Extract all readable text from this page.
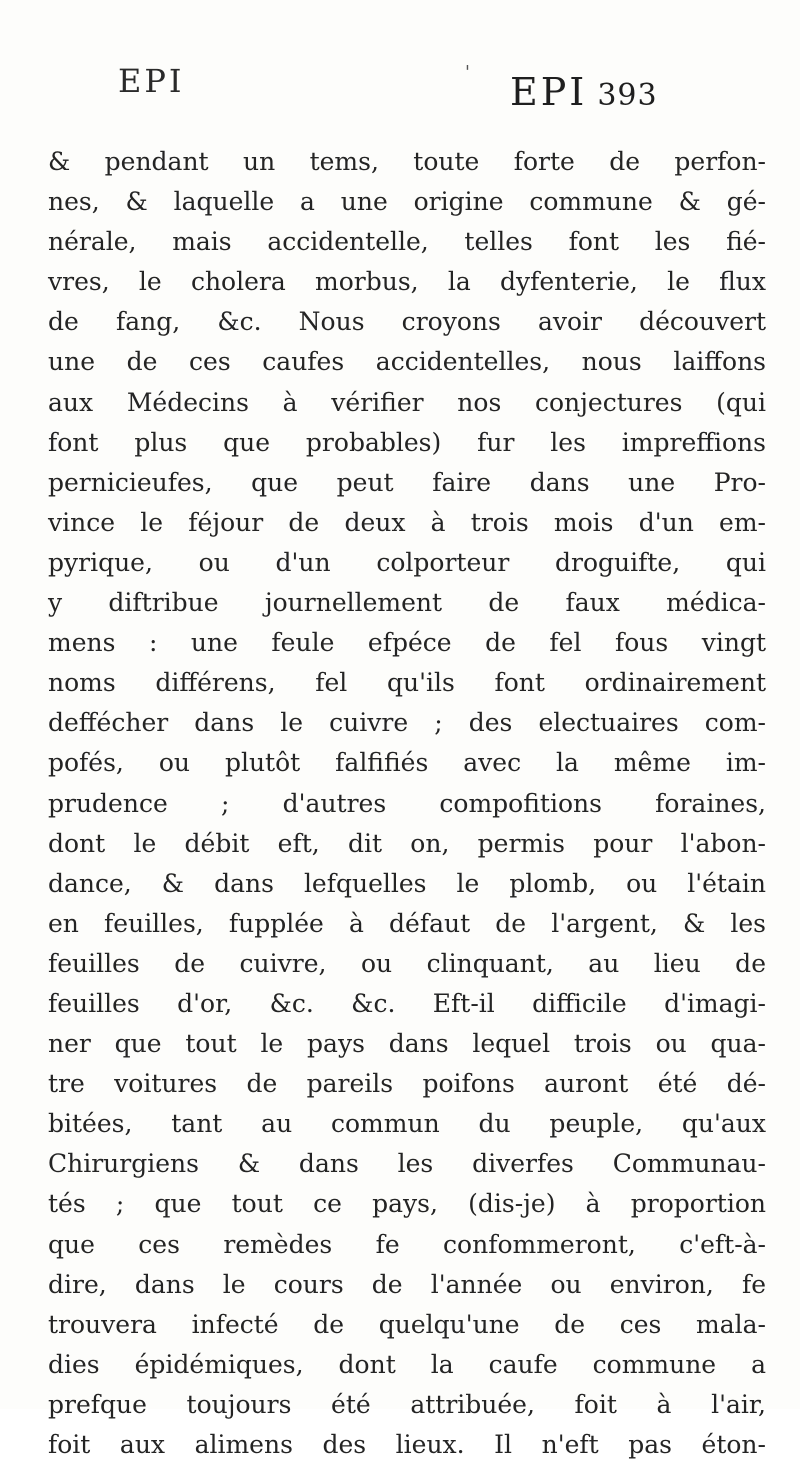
EPI	' EPI 393
& pendant un tems, toute forte de perfon-
nes, & laquelle a une origine commune & gé-
nérale, mais accidentelle, telles font les fié-
vres, le cholera morbus, la dyfenterie, le flux
de fang, &c. Nous croyons avoir découvert
une de ces caufes accidentelles, nous laiffons
aux Médecins à vérifier nos conjectures (qui
font plus que probables) fur les impreffions
pernicieufes, que peut faire dans une Pro-
vince le féjour de deux à trois mois d'un em-
pyrique, ou d'un colporteur droguifte, qui
y diftribue journellement de faux médica-
mens : une feule efpéce de fel fous vingt
noms différens, fel qu'ils font ordinairement
deffécher dans le cuivre ; des electuaires com-
pofés, ou plutôt falfifiés avec la même im-
prudence ; d'autres compofitions foraines,
dont le débit eft, dit on, permis pour l'abon-
dance, & dans lefquelles le plomb, ou l'étain
en feuilles, fupplée à défaut de l'argent, & les
feuilles de cuivre, ou clinquant, au lieu de
feuilles d'or, &c. &c. Eft-il difficile d'imagi-
ner que tout le pays dans lequel trois ou qua-
tre voitures de pareils poifons auront été dé-
bitées, tant au commun du peuple, qu'aux
Chirurgiens & dans les diverfes Communau-
tés ; que tout ce pays, (dis-je) à proportion
que ces remèdes fe confommeront, c'eft-à-
dire, dans le cours de l'année ou environ, fe
trouvera infecté de quelqu'une de ces mala-
dies épidémiques, dont la caufe commune a
prefque toujours été attribuée, foit à l'air,
foit aux alimens des lieux. Il n'eft pas éton-
